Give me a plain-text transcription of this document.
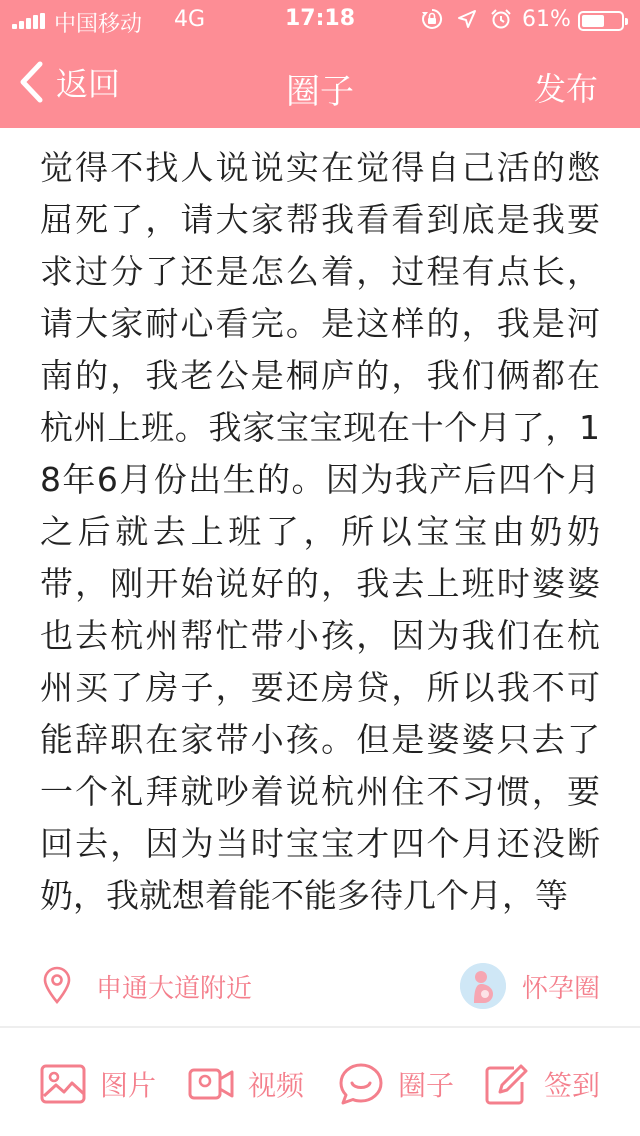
中国移动 4G	17:18	61%
返回	圈子	发布
觉得不找人说说实在觉得自己活的憋屈死了，请大家帮我看看到底是我要求过分了还是怎么着，过程有点长，请大家耐心看完。是这样的，我是河南的，我老公是桐庐的，我们俩都在杭州上班。我家宝宝现在十个月了，18年6月份出生的。因为我产后四个月之后就去上班了，所以宝宝由奶奶带，刚开始说好的，我去上班时婆婆也去杭州帮忙带小孩，因为我们在杭州买了房子，要还房贷，所以我不可能辞职在家带小孩。但是婆婆只去了一个礼拜就吵着说杭州住不习惯，要回去，因为当时宝宝才四个月还没断奶，我就想着能不能多待几个月，等
申通大道附近	怀孕圈
图片	视频	圈子	签到
